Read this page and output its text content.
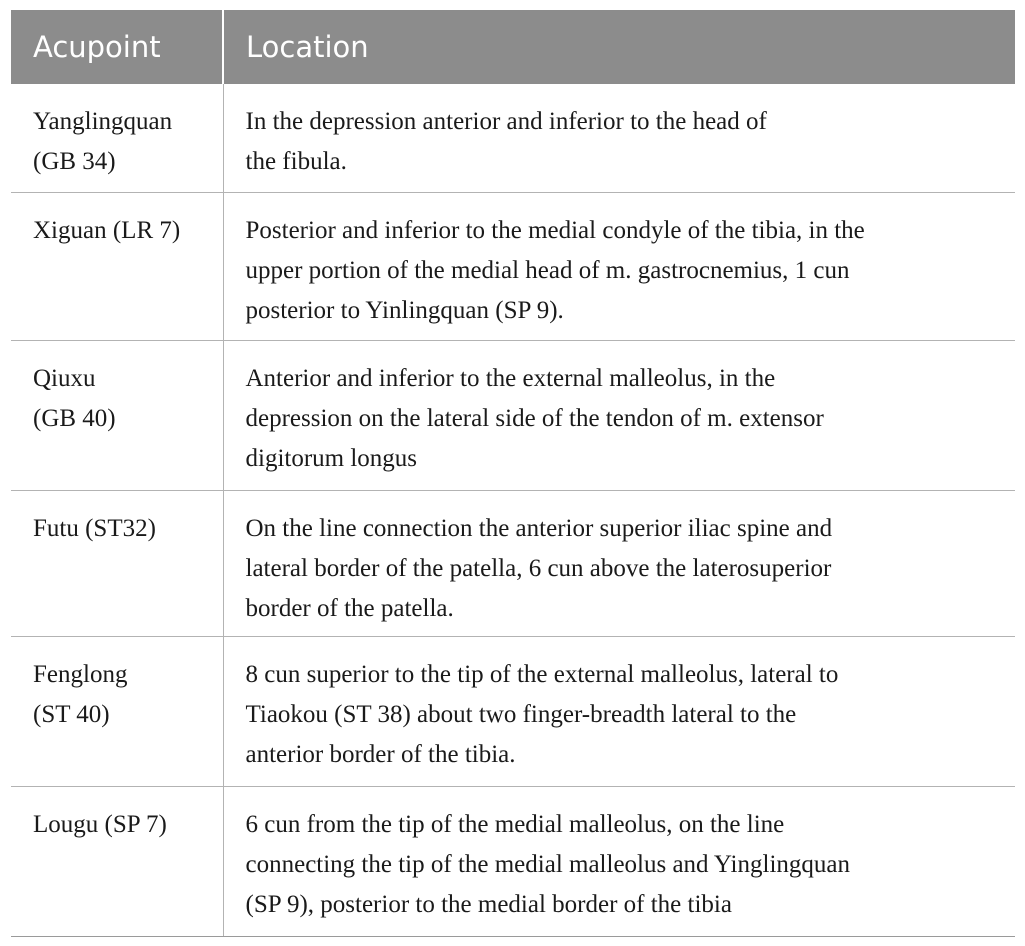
Acupoint	Location
Yanglingquan
(GB 34)	In the depression anterior and inferior to the head of
the fibula.
Xiguan (LR 7)	Posterior and inferior to the medial condyle of the tibia, in the
upper portion of the medial head of m. gastrocnemius, 1 cun
posterior to Yinlingquan (SP 9).
Qiuxu
(GB 40)	Anterior and inferior to the external malleolus, in the
depression on the lateral side of the tendon of m. extensor
digitorum longus
Futu (ST32)	On the line connection the anterior superior iliac spine and
lateral border of the patella, 6 cun above the laterosuperior
border of the patella.
Fenglong
(ST 40)	8 cun superior to the tip of the external malleolus, lateral to
Tiaokou (ST 38) about two finger-breadth lateral to the
anterior border of the tibia.
Lougu (SP 7)	6 cun from the tip of the medial malleolus, on the line
connecting the tip of the medial malleolus and Yinglingquan
(SP 9), posterior to the medial border of the tibia
